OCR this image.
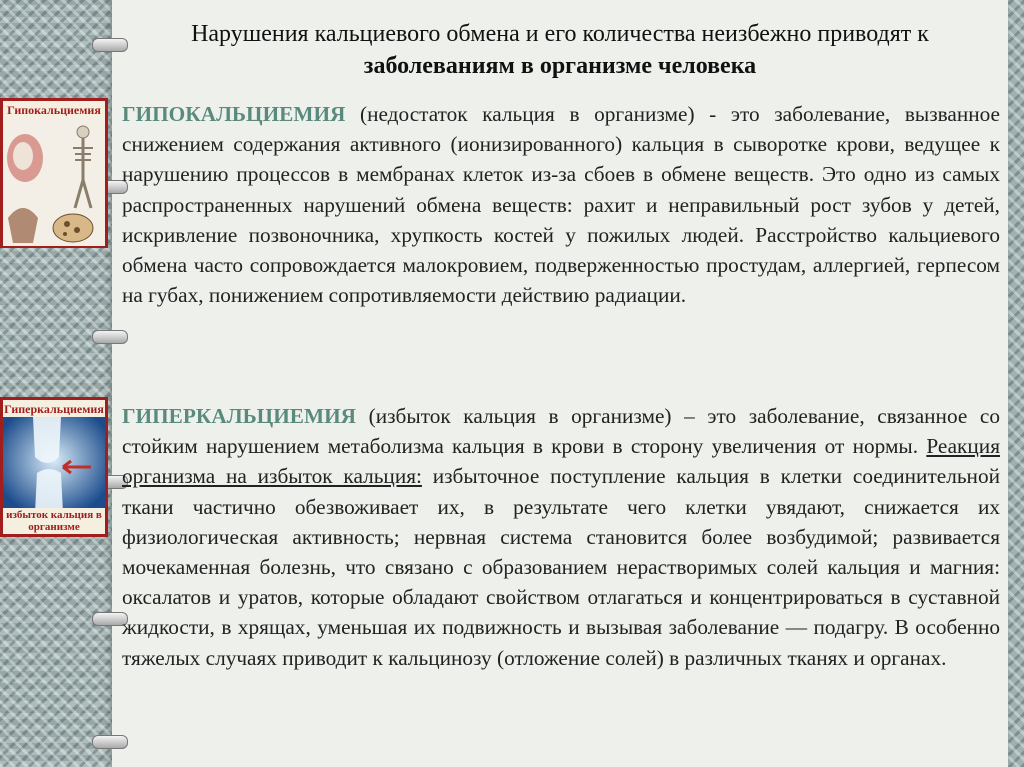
Нарушения кальциевого обмена и его количества неизбежно приводят к
заболеваниям в организме человека
Гипокальциемия
Гиперкальциемия
избыток кальция в организме
ГИПОКАЛЬЦИЕМИЯ (недостаток кальция в организме) - это заболевание, вызванное снижением содержания активного (ионизированного) кальция в сыворотке крови, ведущее к нарушению процессов в мембранах клеток из-за сбоев в обмене веществ. Это одно из самых распространенных нарушений обмена веществ: рахит и неправильный рост зубов у детей, искривление позвоночника, хрупкость костей у пожилых людей. Расстройство кальциевого обмена часто сопровождается малокровием, подверженностью простудам, аллергией, герпесом на губах, понижением сопротивляемости действию радиации.
ГИПЕРКАЛЬЦИЕМИЯ (избыток кальция в организме) – это заболевание, связанное со стойким нарушением метаболизма кальция в крови в сторону увеличения от нормы. Реакция организма на избыток кальция: избыточное поступление кальция в клетки соединительной ткани частично обезвоживает их, в результате чего клетки увядают, снижается их физиологическая активность; нервная система становится более возбудимой; развивается мочекаменная болезнь, что связано с образованием нерастворимых солей кальция и магния: оксалатов и уратов, которые обладают свойством отлагаться и концентрироваться в суставной жидкости, в хрящах, уменьшая их подвижность и вызывая заболевание — подагру. В особенно тяжелых случаях приводит к кальцинозу (отложение солей) в различных тканях и органах.
